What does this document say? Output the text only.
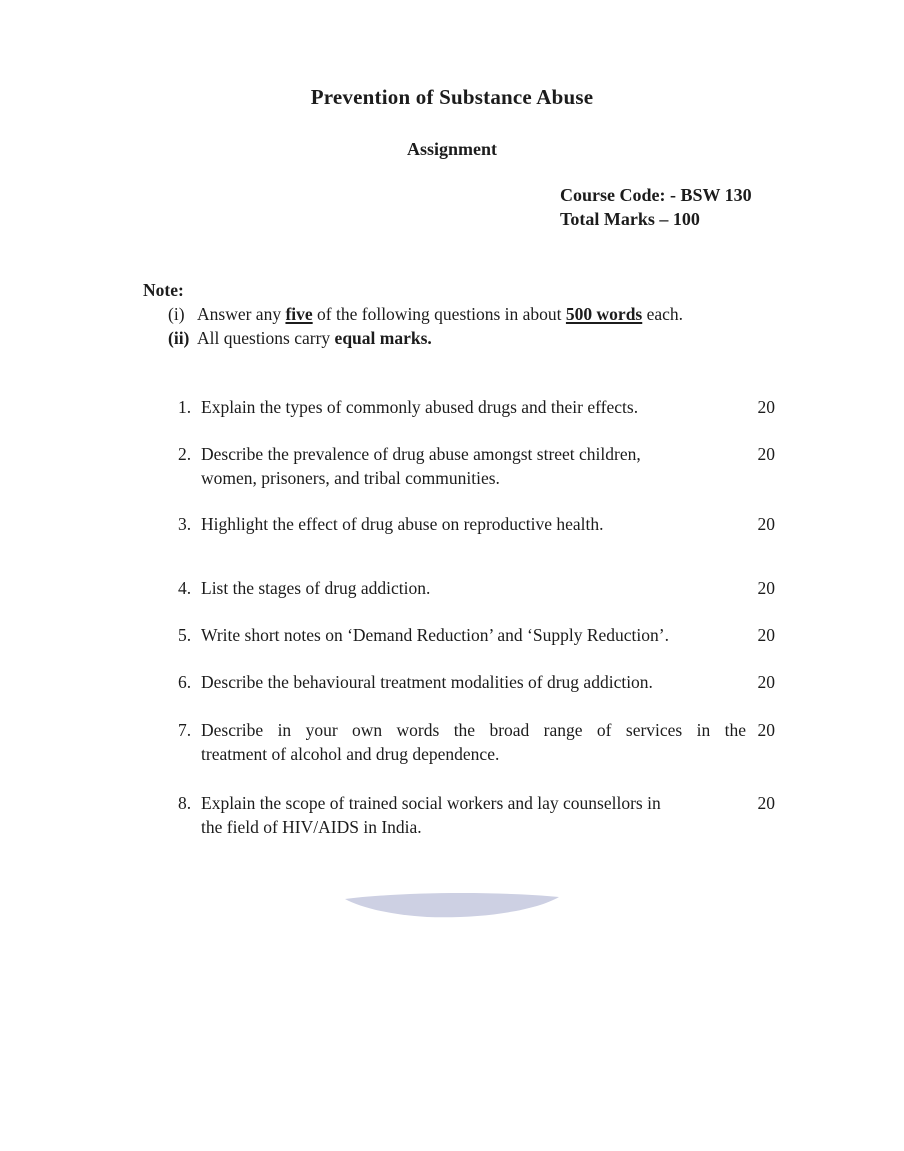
Prevention of Substance Abuse
Assignment
Course Code: - BSW 130
Total Marks – 100
Note:
(i) Answer any five of the following questions in about 500 words each.
(ii) All questions carry equal marks.
1. Explain the types of commonly abused drugs and their effects.	20
2. Describe the prevalence of drug abuse amongst street children,
women, prisoners, and tribal communities.
20
3. Highlight the effect of drug abuse on reproductive health.	20
4. List the stages of drug addiction.	20
5. Write short notes on ‘Demand Reduction’ and ‘Supply Reduction’.	20
6. Describe the behavioural treatment modalities of drug addiction.	20
7. Describe in your own words the broad range of services in the
treatment of alcohol and drug dependence.
20
8. Explain the scope of trained social workers and lay counsellors in
the field of HIV/AIDS in India.
20
